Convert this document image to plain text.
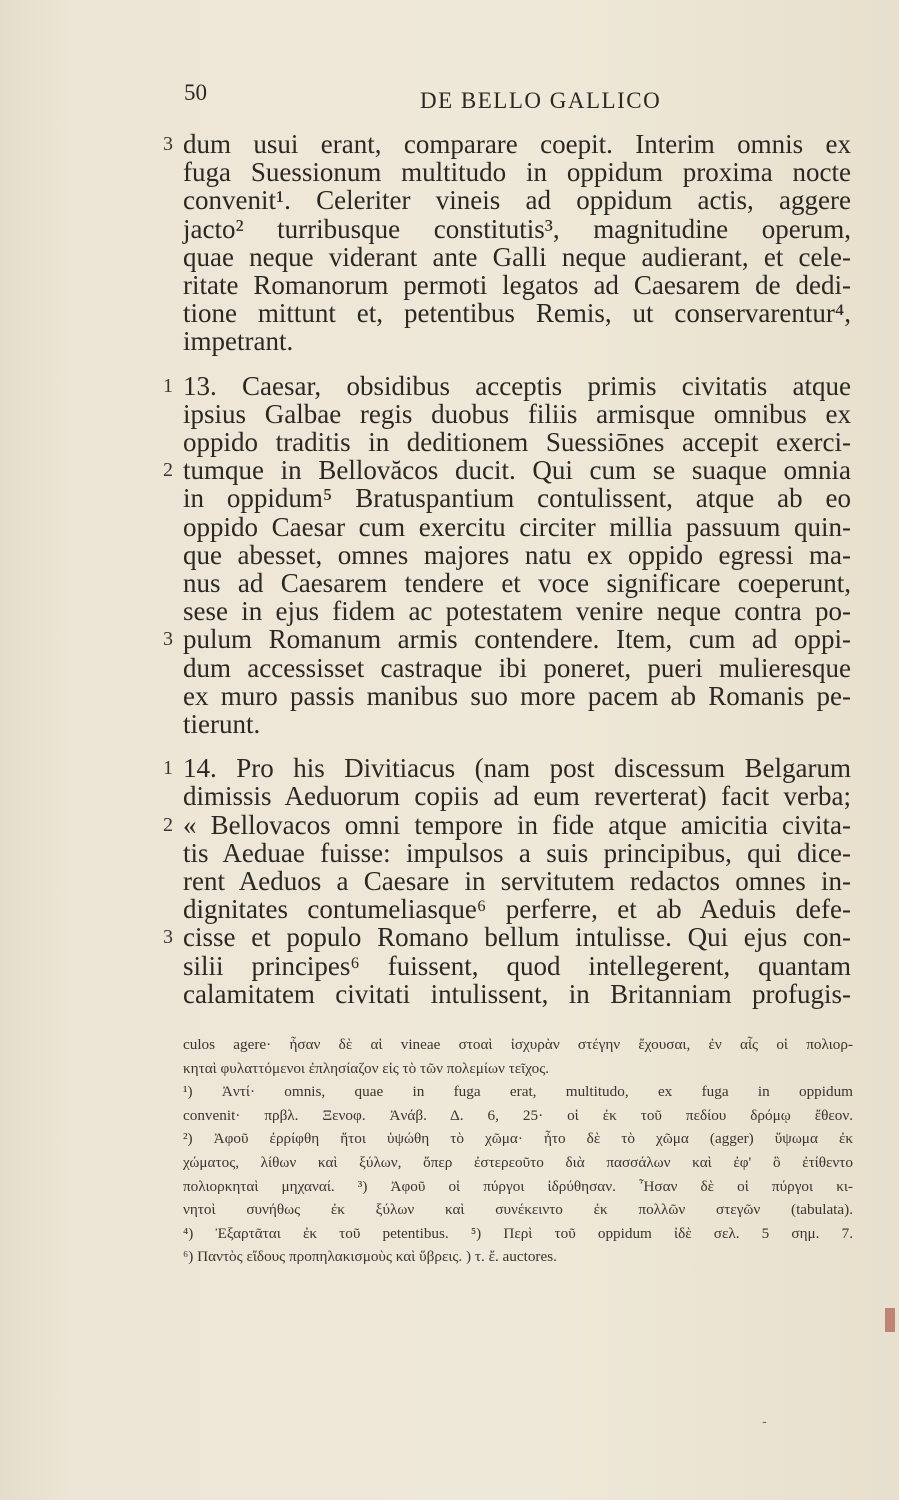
50	DE BELLO GALLICO
3 dum usui erant, comparare coepit. Interim omnis ex
fuga Suessionum multitudo in oppidum proxima nocte
convenit¹. Celeriter vineis ad oppidum actis, aggere
jacto² turribusque constitutis³, magnitudine operum,
quae neque viderant ante Galli neque audierant, et cele-
ritate Romanorum permoti legatos ad Caesarem de dedi-
tione mittunt et, petentibus Remis, ut conservarentur⁴,
impetrant.
1 13. Caesar, obsidibus acceptis primis civitatis atque
ipsius Galbae regis duobus filiis armisque omnibus ex
oppido traditis in deditionem Suessiōnes accepit exerci-
2 tumque in Bellovăcos ducit. Qui cum se suaque omnia
in oppidum⁵ Bratuspantium contulissent, atque ab eo
oppido Caesar cum exercitu circiter millia passuum quin-
que abesset, omnes majores natu ex oppido egressi ma-
nus ad Caesarem tendere et voce significare coeperunt,
sese in ejus fidem ac potestatem venire neque contra po-
3 pulum Romanum armis contendere. Item, cum ad oppi-
dum accessisset castraque ibi poneret, pueri mulieresque
ex muro passis manibus suo more pacem ab Romanis pe-
tierunt.
1 14. Pro his Divitiacus (nam post discessum Belgarum
dimissis Aeduorum copiis ad eum reverterat) facit verba;
2 « Bellovacos omni tempore in fide atque amicitia civita-
tis Aeduae fuisse: impulsos a suis principibus, qui dice-
rent Aeduos a Caesare in servitutem redactos omnes in-
dignitates contumeliasque⁶ perferre, et ab Aeduis defe-
3 cisse et populo Romano bellum intulisse. Qui ejus con-
silii principes⁶ fuissent, quod intellegerent, quantam
calamitatem civitati intulissent, in Britanniam profugis-
culos agere· ἦσαν δὲ αἱ vineae στοαὶ ἰσχυρὰν στέγην ἔχουσαι, ἐν αἷς οἱ πολιορ-
κηταὶ φυλαττόμενοι ἐπλησίαζον εἰς τὸ τῶν πολεμίων τεῖχος.
¹) Ἀντί· omnis, quae in fuga erat, multitudo, ex fuga in oppidum
convenit· πρβλ. Ξενοφ. Ἀνάβ. Δ. 6, 25· οἱ ἐκ τοῦ πεδίου δρόμῳ ἔθεον.
²) Ἀφοῦ ἐρρίφθη ἤτοι ὑψώθη τὸ χῶμα· ἦτο δὲ τὸ χῶμα (agger) ὕψωμα ἐκ
χώματος, λίθων καὶ ξύλων, ὅπερ ἐστερεοῦτο διὰ πασσάλων καὶ ἐφ' ὃ ἐτίθεντο
πολιορκηταὶ μηχαναί. ³) Ἀφοῦ οἱ πύργοι ἱδρύθησαν. Ἦσαν δὲ οἱ πύργοι κι-
νητοὶ συνήθως ἐκ ξύλων καὶ συνέκειντο ἐκ πολλῶν στεγῶν (tabulata).
⁴) Ἐξαρτᾶται ἐκ τοῦ petentibus. ⁵) Περὶ τοῦ oppidum ἰδὲ σελ. 5 σημ. 7.
⁶) Παντὸς εἴδους προπηλακισμοὺς καὶ ὕβρεις. ) τ. ἔ. auctores.
-
